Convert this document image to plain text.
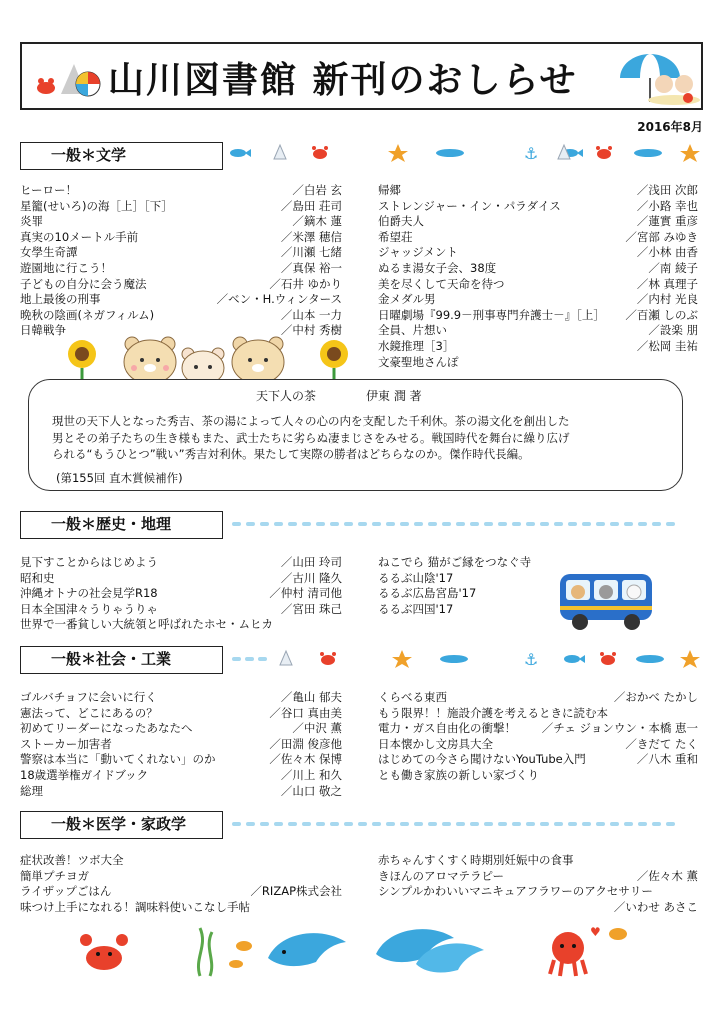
山川図書館 新刊のおしらせ
2016年8月
一般＊文学	⚓
ヒーロー！	／白岩 玄
星籠(せいろ)の海［上］［下］	／島田 荘司
炎罪	／鏑木 蓮
真実の10メートル手前	／米澤 穂信
女學生奇譚	／川瀬 七緒
遊園地に行こう！	／真保 裕一
子どもの自分に会う魔法	／石井 ゆかり
地上最後の刑事	／ベン・H.ウィンタース
晩秋の陰画(ネガフィルム)	／山本 一力
日韓戦争	／中村 秀樹
帰郷	／浅田 次郎
ストレンジャー・イン・パラダイス	／小路 幸也
伯爵夫人	／蓮實 重彦
希望荘	／宮部 みゆき
ジャッジメント	／小林 由香
ぬるま湯女子会、38度	／南 綾子
美を尽くして天命を待つ	／林 真理子
金メダル男	／内村 光良
日曜劇場『99.9－刑事専門弁護士－』［上］ ／百瀬 しのぶ
全員、片想い	／設楽 朋
水鏡推理［3］	／松岡 圭祐
文豪聖地さんぽ
天下人の茶	伊東 潤 著
現世の天下人となった秀吉、茶の湯によって人々の心の内を支配した千利休。茶の湯文化を創出した
男とその弟子たちの生き様もまた、武士たちに劣らぬ凄まじさをみせる。戦国時代を舞台に繰り広げ
られる“もうひとつ”戦い”秀吉対利休。果たして実際の勝者はどちらなのか。傑作時代長編。
(第155回 直木賞候補作)
一般＊歴史・地理
見下すことからはじめよう	／山田 玲司
昭和史	／古川 隆久
沖縄オトナの社会見学R18	／仲村 清司他
日本全国津々うりゃうりゃ	／宮田 珠己
世界で一番貧しい大統領と呼ばれたホセ・ムヒカ
ねこでら 猫がご縁をつなぐ寺
るるぶ山陰'17
るるぶ広島宮島'17
るるぶ四国'17
一般＊社会・工業	⚓
ゴルバチョフに会いに行く	／亀山 郁夫
憲法って、どこにあるの？	／谷口 真由美
初めてリーダーになったあなたへ	／中沢 薫
ストーカー加害者	／田淵 俊彦他
警察は本当に「動いてくれない」のか	／佐々木 保博
18歳選挙権ガイドブック	／川上 和久
総理	／山口 敬之
くらべる東西	／おかべ たかし
もう限界！！施設介護を考えるときに読む本
電力・ガス自由化の衝撃！ ／チェ ジョンウン・本橋 恵一
日本懐かし文房具大全	／きだて たく
はじめての今さら聞けないYouTube入門	／八木 重和
とも働き家族の新しい家づくり
一般＊医学・家政学
症状改善！ツボ大全
簡単プチヨガ
ライザップごはん	／RIZAP株式会社
味つけ上手になれる！調味料使いこなし手帖
赤ちゃんすくすく時期別妊娠中の食事
きほんのアロマテラピー	／佐々木 薫
シンプルかわいいマニキュアフラワーのアクセサリー
／いわせ あさこ
♥
